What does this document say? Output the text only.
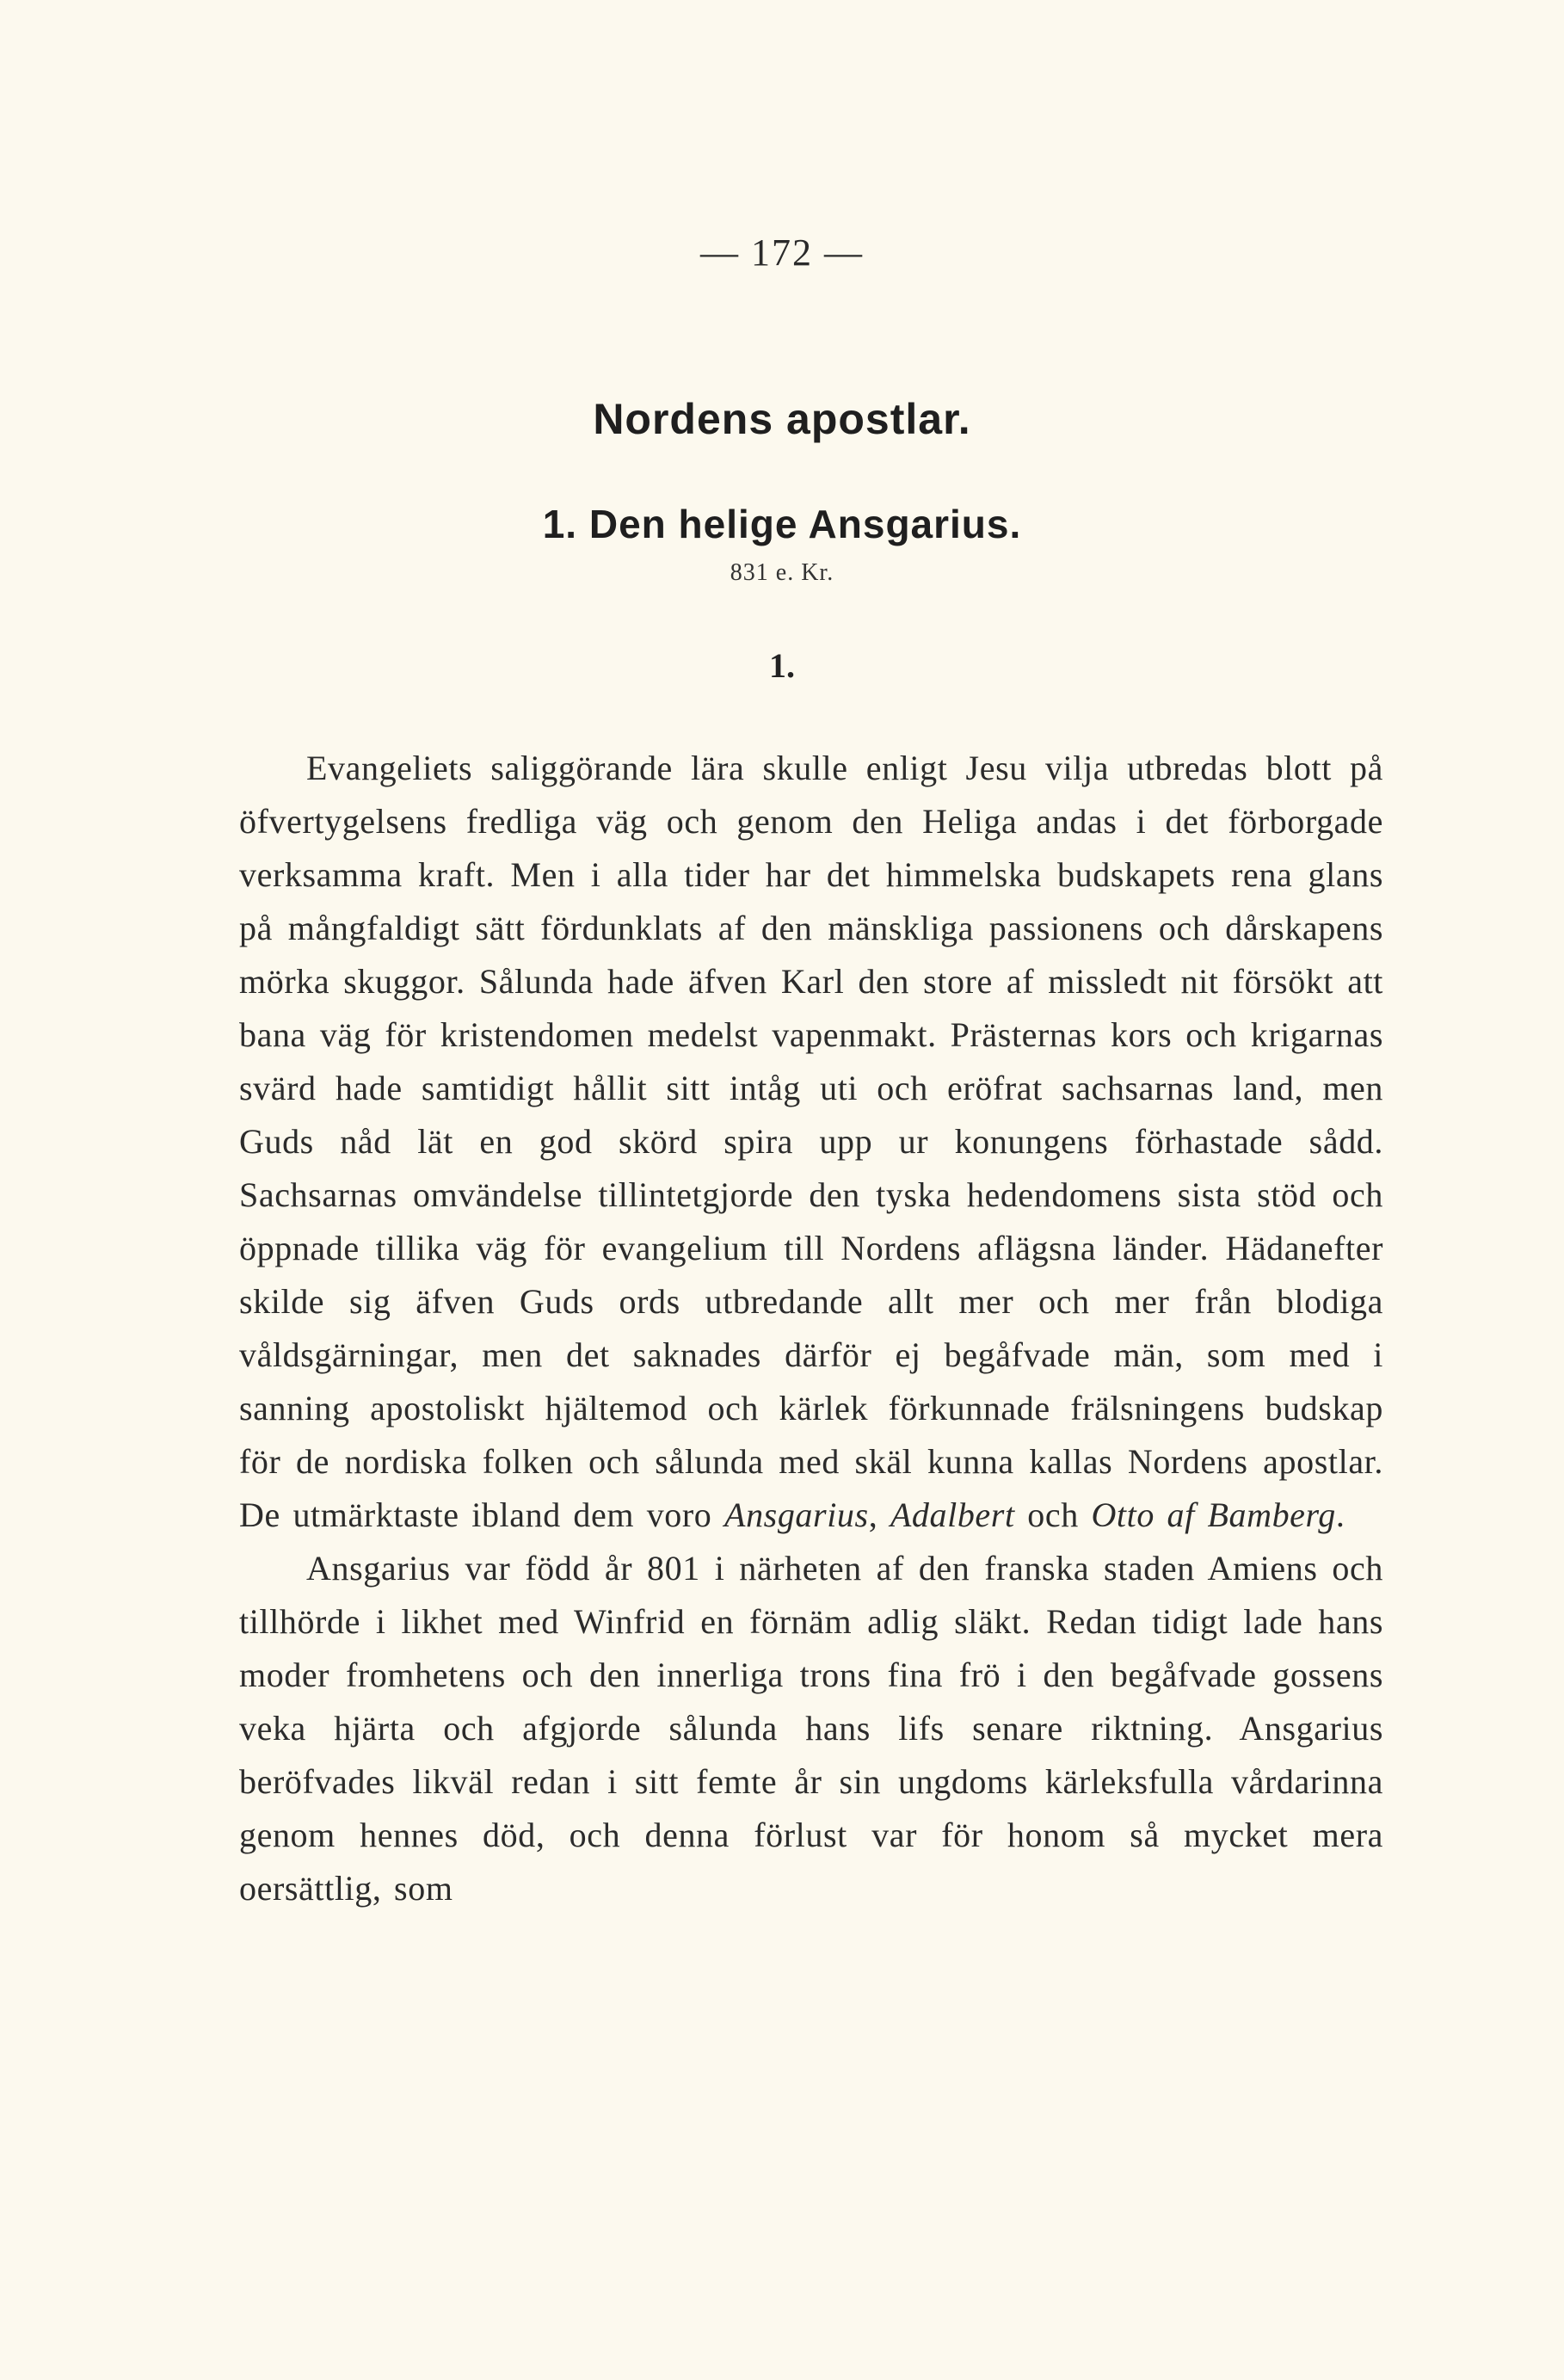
— 172 —
Nordens apostlar.
1. Den helige Ansgarius.
831 e. Kr.
1.

Evangeliets saliggörande lära skulle enligt Jesu vilja utbredas blott på öfvertygelsens fredliga väg och genom den Heliga andas i det förborgade verksamma kraft. Men i alla tider har det himmelska budskapets rena glans på mångfaldigt sätt fördunklats af den mänskliga passionens och dårskapens mörka skuggor. Sålunda hade äfven Karl den store af missledt nit försökt att bana väg för kristendomen medelst vapenmakt. Prästernas kors och krigarnas svärd hade samtidigt hållit sitt intåg uti och eröfrat sachsarnas land, men Guds nåd lät en god skörd spira upp ur konungens förhastade sådd. Sachsarnas omvändelse tillintetgjorde den tyska hedendomens sista stöd och öppnade tillika väg för evangelium till Nordens aflägsna länder. Hädanefter skilde sig äfven Guds ords utbredande allt mer och mer från blodiga våldsgärningar, men det saknades därför ej begåfvade män, som med i sanning apostoliskt hjältemod och kärlek förkunnade frälsningens budskap för de nordiska folken och sålunda med skäl kunna kallas Nordens apostlar. De utmärktaste ibland dem voro Ansgarius, Adalbert och Otto af Bamberg.

Ansgarius var född år 801 i närheten af den franska staden Amiens och tillhörde i likhet med Winfrid en förnäm adlig släkt. Redan tidigt lade hans moder fromhetens och den innerliga trons fina frö i den begåfvade gossens veka hjärta och afgjorde sålunda hans lifs senare riktning. Ansgarius beröfvades likväl redan i sitt femte år sin ungdoms kärleksfulla vårdarinna genom hennes död, och denna förlust var för honom så mycket mera oersättlig, som
